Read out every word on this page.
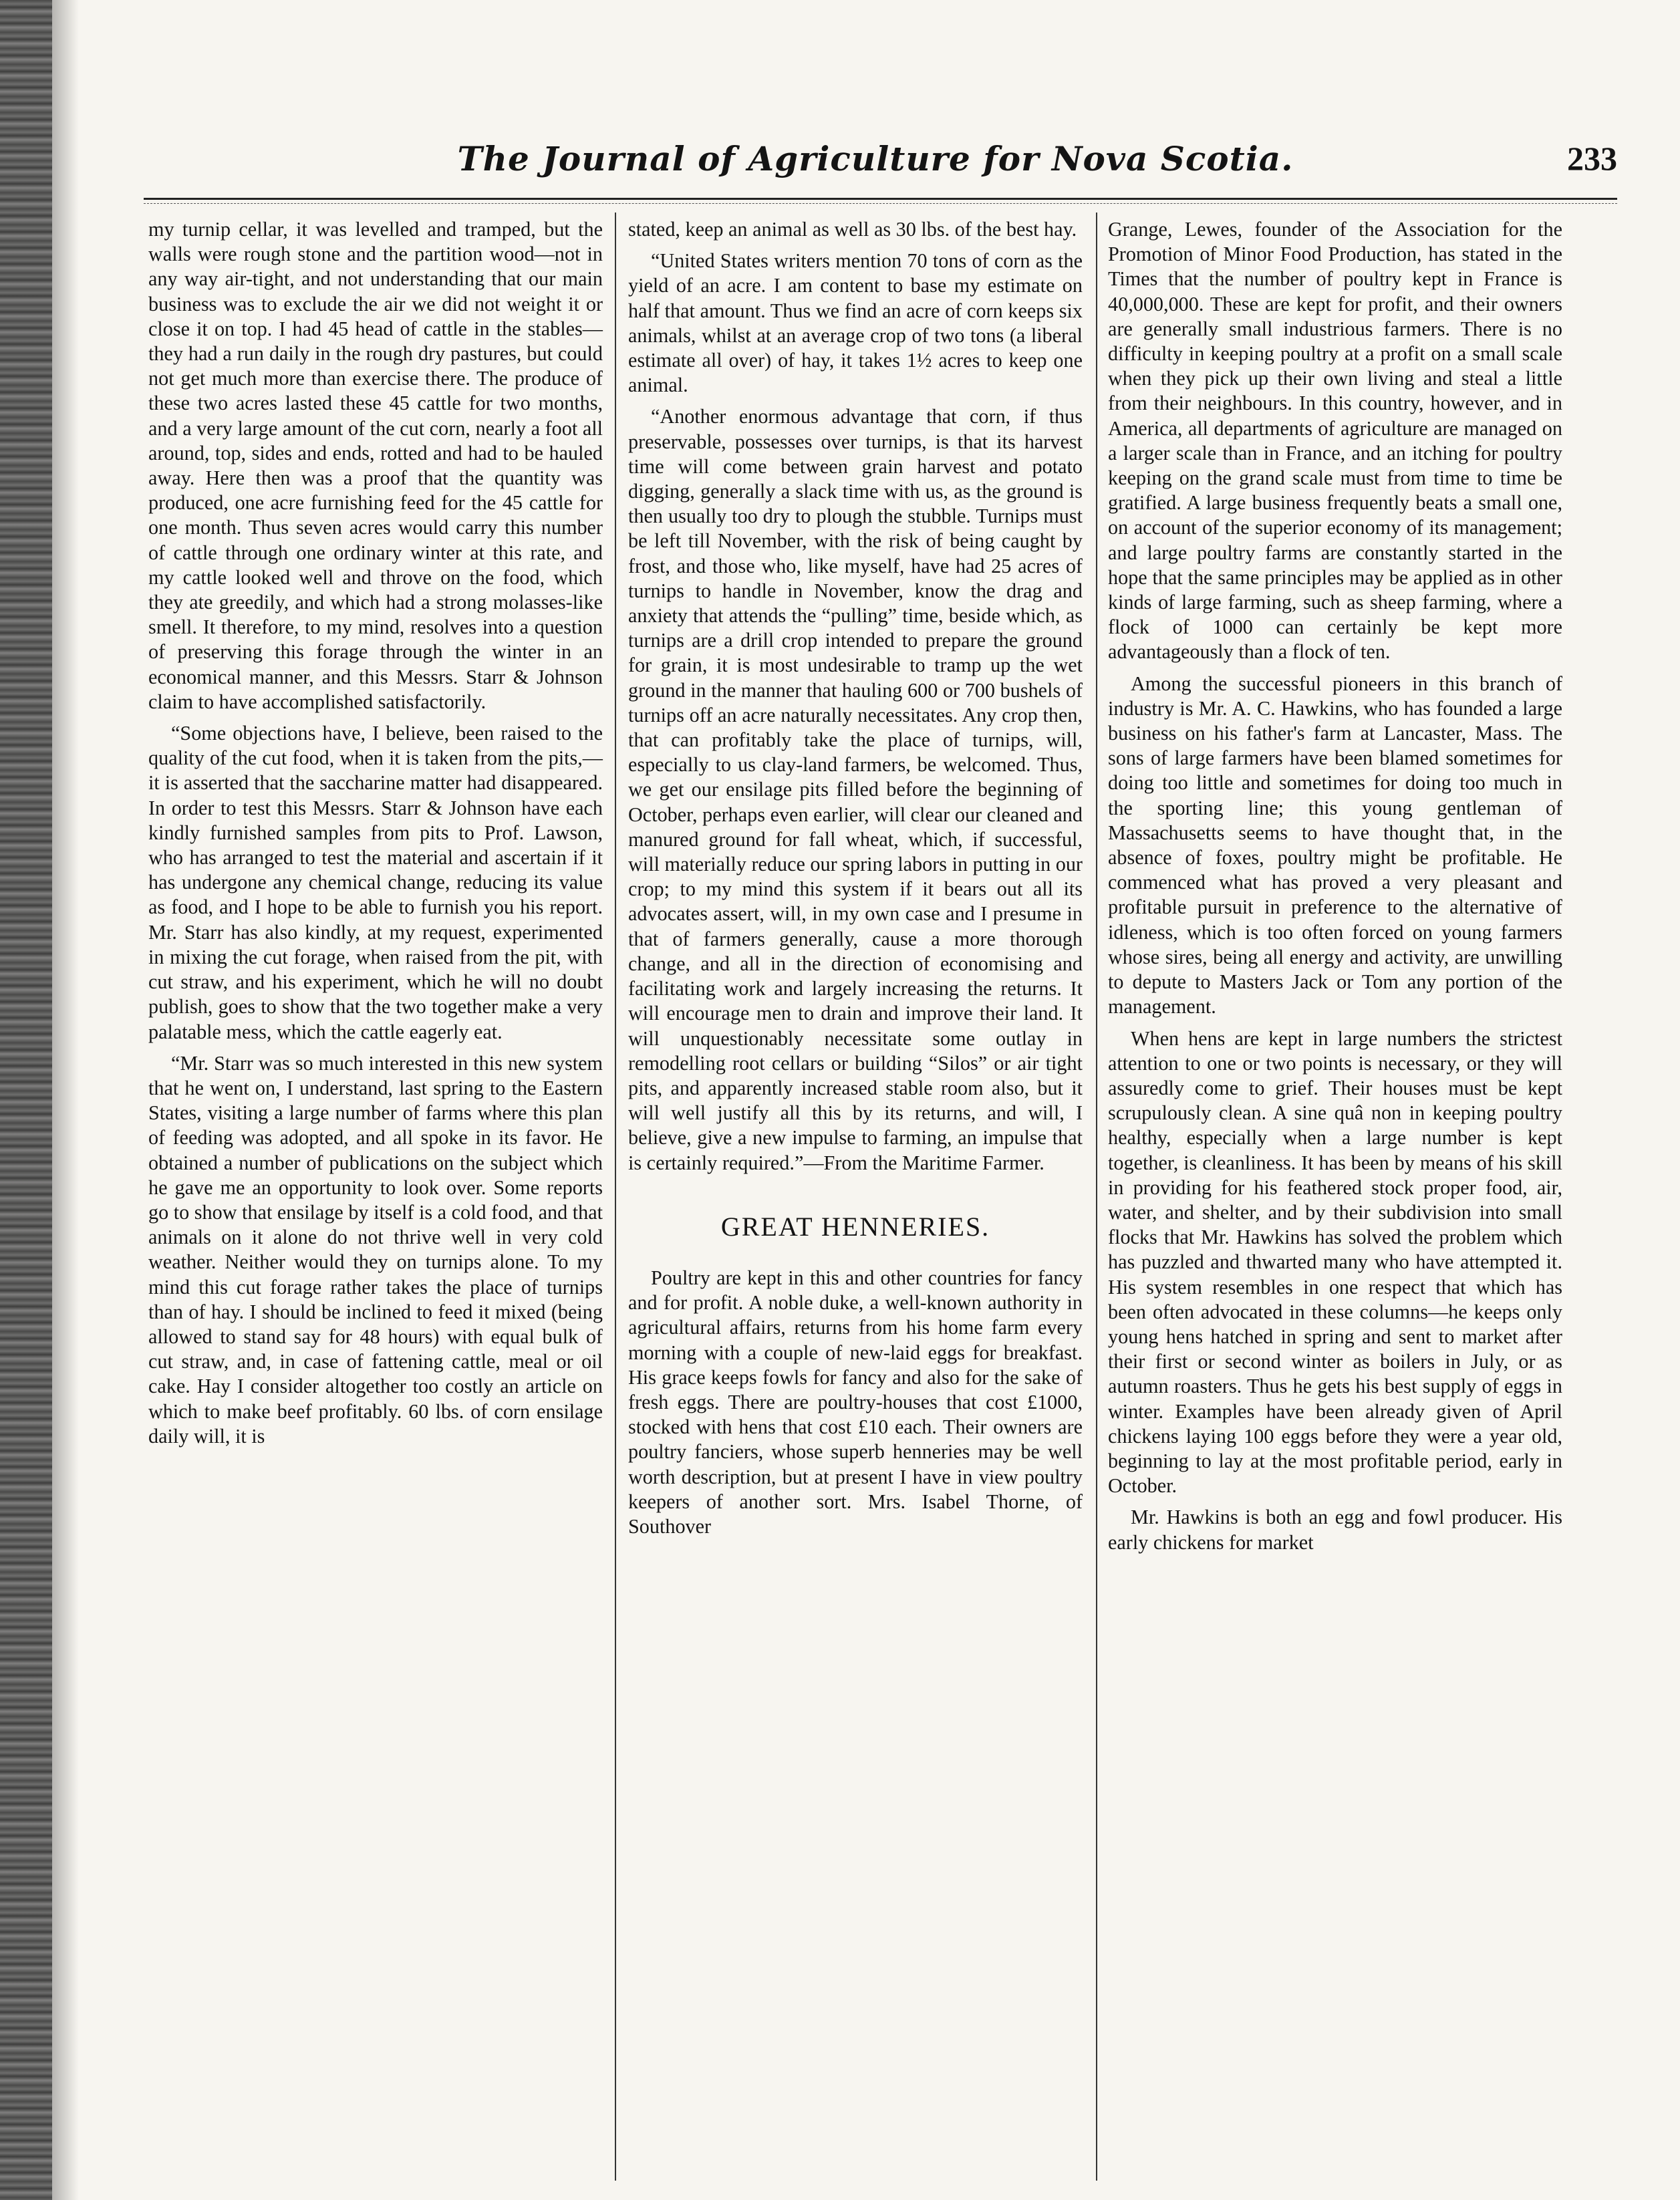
The Journal of Agriculture for Nova Scotia.	233

my turnip cellar, it was levelled and tramped, but the walls were rough stone and the partition wood—not in any way air-tight, and not understanding that our main business was to exclude the air we did not weight it or close it on top. I had 45 head of cattle in the stables—they had a run daily in the rough dry pastures, but could not get much more than exercise there. The produce of these two acres lasted these 45 cattle for two months, and a very large amount of the cut corn, nearly a foot all around, top, sides and ends, rotted and had to be hauled away. Here then was a proof that the quantity was produced, one acre furnishing feed for the 45 cattle for one month. Thus seven acres would carry this number of cattle through one ordinary winter at this rate, and my cattle looked well and throve on the food, which they ate greedily, and which had a strong molasses-like smell. It therefore, to my mind, resolves into a question of preserving this forage through the winter in an economical manner, and this Messrs. Starr & Johnson claim to have accomplished satisfactorily.

“Some objections have, I believe, been raised to the quality of the cut food, when it is taken from the pits,—it is asserted that the saccharine matter had disappeared. In order to test this Messrs. Starr & Johnson have each kindly furnished samples from pits to Prof. Lawson, who has arranged to test the material and ascertain if it has undergone any chemical change, reducing its value as food, and I hope to be able to furnish you his report. Mr. Starr has also kindly, at my request, experimented in mixing the cut forage, when raised from the pit, with cut straw, and his experiment, which he will no doubt publish, goes to show that the two together make a very palatable mess, which the cattle eagerly eat.

“Mr. Starr was so much interested in this new system that he went on, I understand, last spring to the Eastern States, visiting a large number of farms where this plan of feeding was adopted, and all spoke in its favor. He obtained a number of publications on the subject which he gave me an opportunity to look over. Some reports go to show that ensilage by itself is a cold food, and that animals on it alone do not thrive well in very cold weather. Neither would they on turnips alone. To my mind this cut forage rather takes the place of turnips than of hay. I should be inclined to feed it mixed (being allowed to stand say for 48 hours) with equal bulk of cut straw, and, in case of fattening cattle, meal or oil cake. Hay I consider altogether too costly an article on which to make beef profitably. 60 lbs. of corn ensilage daily will, it is

stated, keep an animal as well as 30 lbs. of the best hay.

“United States writers mention 70 tons of corn as the yield of an acre. I am content to base my estimate on half that amount. Thus we find an acre of corn keeps six animals, whilst at an average crop of two tons (a liberal estimate all over) of hay, it takes 1½ acres to keep one animal.

“Another enormous advantage that corn, if thus preservable, possesses over turnips, is that its harvest time will come between grain harvest and potato digging, generally a slack time with us, as the ground is then usually too dry to plough the stubble. Turnips must be left till November, with the risk of being caught by frost, and those who, like myself, have had 25 acres of turnips to handle in November, know the drag and anxiety that attends the “pulling” time, beside which, as turnips are a drill crop intended to prepare the ground for grain, it is most undesirable to tramp up the wet ground in the manner that hauling 600 or 700 bushels of turnips off an acre naturally necessitates. Any crop then, that can profitably take the place of turnips, will, especially to us clay-land farmers, be welcomed. Thus, we get our ensilage pits filled before the beginning of October, perhaps even earlier, will clear our cleaned and manured ground for fall wheat, which, if successful, will materially reduce our spring labors in putting in our crop; to my mind this system if it bears out all its advocates assert, will, in my own case and I presume in that of farmers generally, cause a more thorough change, and all in the direction of economising and facilitating work and largely increasing the returns. It will encourage men to drain and improve their land. It will unquestionably necessitate some outlay in remodelling root cellars or building “Silos” or air tight pits, and apparently increased stable room also, but it will well justify all this by its returns, and will, I believe, give a new impulse to farming, an impulse that is certainly required.”—From the Maritime Farmer.

GREAT HENNERIES.

Poultry are kept in this and other countries for fancy and for profit. A noble duke, a well-known authority in agricultural affairs, returns from his home farm every morning with a couple of new-laid eggs for breakfast. His grace keeps fowls for fancy and also for the sake of fresh eggs. There are poultry-houses that cost £1000, stocked with hens that cost £10 each. Their owners are poultry fanciers, whose superb henneries may be well worth description, but at present I have in view poultry keepers of another sort. Mrs. Isabel Thorne, of Southover

Grange, Lewes, founder of the Association for the Promotion of Minor Food Production, has stated in the Times that the number of poultry kept in France is 40,000,000. These are kept for profit, and their owners are generally small industrious farmers. There is no difficulty in keeping poultry at a profit on a small scale when they pick up their own living and steal a little from their neighbours. In this country, however, and in America, all departments of agriculture are managed on a larger scale than in France, and an itching for poultry keeping on the grand scale must from time to time be gratified. A large business frequently beats a small one, on account of the superior economy of its management; and large poultry farms are constantly started in the hope that the same principles may be applied as in other kinds of large farming, such as sheep farming, where a flock of 1000 can certainly be kept more advantageously than a flock of ten.

Among the successful pioneers in this branch of industry is Mr. A. C. Hawkins, who has founded a large business on his father's farm at Lancaster, Mass. The sons of large farmers have been blamed sometimes for doing too little and sometimes for doing too much in the sporting line; this young gentleman of Massachusetts seems to have thought that, in the absence of foxes, poultry might be profitable. He commenced what has proved a very pleasant and profitable pursuit in preference to the alternative of idleness, which is too often forced on young farmers whose sires, being all energy and activity, are unwilling to depute to Masters Jack or Tom any portion of the management.

When hens are kept in large numbers the strictest attention to one or two points is necessary, or they will assuredly come to grief. Their houses must be kept scrupulously clean. A sine quâ non in keeping poultry healthy, especially when a large number is kept together, is cleanliness. It has been by means of his skill in providing for his feathered stock proper food, air, water, and shelter, and by their subdivision into small flocks that Mr. Hawkins has solved the problem which has puzzled and thwarted many who have attempted it. His system resembles in one respect that which has been often advocated in these columns—he keeps only young hens hatched in spring and sent to market after their first or second winter as boilers in July, or as autumn roasters. Thus he gets his best supply of eggs in winter. Examples have been already given of April chickens laying 100 eggs before they were a year old, beginning to lay at the most profitable period, early in October.

Mr. Hawkins is both an egg and fowl producer. His early chickens for market
